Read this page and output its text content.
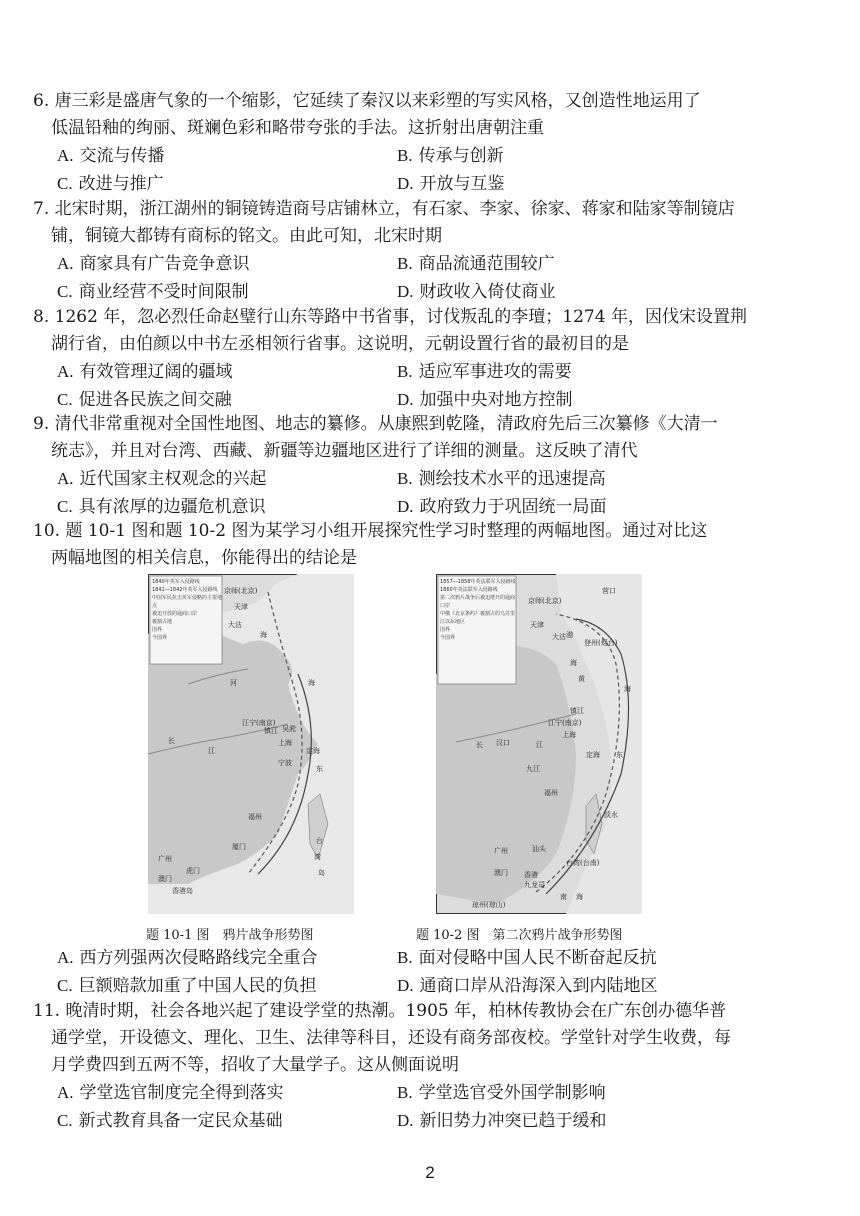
6. 唐三彩是盛唐气象的一个缩影，它延续了秦汉以来彩塑的写实风格，又创造性地运用了
低温铅釉的绚丽、斑斓色彩和略带夸张的手法。这折射出唐朝注重

A. 交流与传播	B. 传承与创新
C. 改进与推广	D. 开放与互鉴

7. 北宋时期，浙江湖州的铜镜铸造商号店铺林立，有石家、李家、徐家、蒋家和陆家等制镜店
铺，铜镜大都铸有商标的铭文。由此可知，北宋时期

A. 商家具有广告竞争意识	B. 商品流通范围较广
C. 商业经营不受时间限制	D. 财政收入倚仗商业

8. 1262 年，忽必烈任命赵璧行山东等路中书省事，讨伐叛乱的李璮；1274 年，因伐宋设置荆
湖行省，由伯颜以中书左丞相领行省事。这说明，元朝设置行省的最初目的是

A. 有效管理辽阔的疆域	B. 适应军事进攻的需要
C. 促进各民族之间交融	D. 加强中央对地方控制

9. 清代非常重视对全国性地图、地志的纂修。从康熙到乾隆，清政府先后三次纂修《大清一
统志》，并且对台湾、西藏、新疆等边疆地区进行了详细的测量。这反映了清代

A. 近代国家主权观念的兴起	B. 测绘技术水平的迅速提高
C. 具有浓厚的边疆危机意识	D. 政府致力于巩固统一局面

10. 题 10-1 图和题 10-2 图为某学习小组开展探究性学习时整理的两幅地图。通过对比这
两幅地图的相关信息，你能得出的结论是

1840年英军入侵路线
1841—1842年英军入侵路线
中国军民抗击英军侵略的主要地点
被迫开放的通商口岸
被割占地
国界
今国界
京师(北京)
天津
大沽
海
河
江宁(南京)
镇江 吴淞
上海
定海
宁波
长
江
东
海
福州
厦门
台
湾
岛
广州
虎门
澳门
香港岛
题 10-1 图　鸦片战争形势图
1857—1858年英法联军入侵路线
1860年英法联军入侵路线
第二次鸦片战争后被迫增开的通商口岸
中俄《北京条约》被割占的乌苏里江以东地区
国界
今国界
京师(北京)
营口
天津
大沽 渤
海
黄
登州(烟台)
镇江
江宁(南京)
汉口
上海
九江
长	江
定海 东
海
福州
淡水
汕头
台湾(台南)
广州
澳门 香港
九龙司
琼州(琼山)
南 海
题 10-2 图　第二次鸦片战争形势图
A. 西方列强两次侵略路线完全重合	B. 面对侵略中国人民不断奋起反抗
C. 巨额赔款加重了中国人民的负担	D. 通商口岸从沿海深入到内陆地区

11. 晚清时期，社会各地兴起了建设学堂的热潮。1905 年，柏林传教协会在广东创办德华普
通学堂，开设德文、理化、卫生、法律等科目，还设有商务部夜校。学堂针对学生收费，每
月学费四到五两不等，招收了大量学子。这从侧面说明

A. 学堂选官制度完全得到落实	B. 学堂选官受外国学制影响
C. 新式教育具备一定民众基础	D. 新旧势力冲突已趋于缓和
2
